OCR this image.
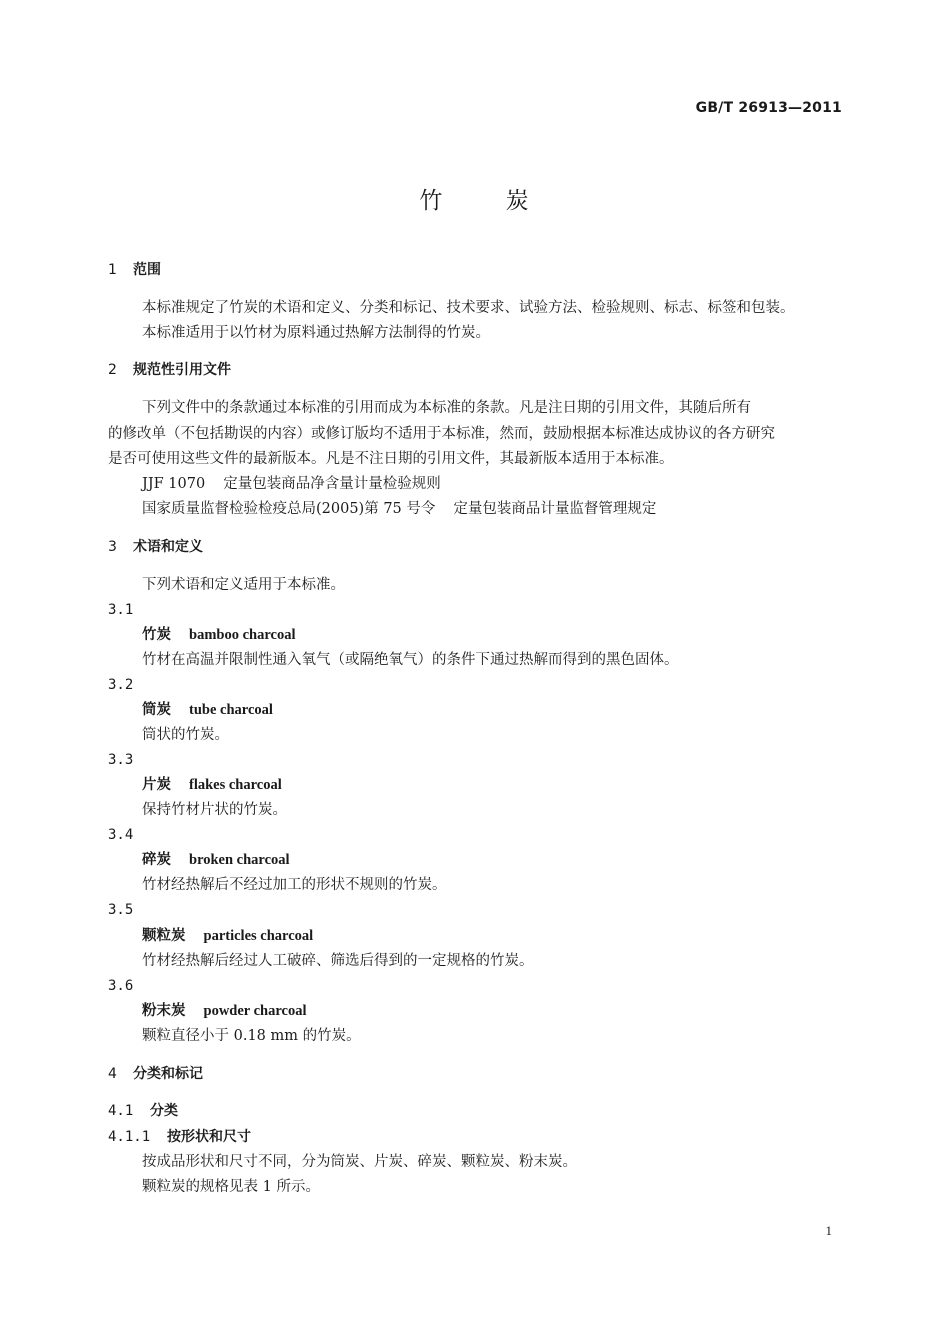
GB/T 26913—2011
竹	炭
1 范围
本标准规定了竹炭的术语和定义、分类和标记、技术要求、试验方法、检验规则、标志、标签和包装。
本标准适用于以竹材为原料通过热解方法制得的竹炭。
2 规范性引用文件
下列文件中的条款通过本标准的引用而成为本标准的条款。凡是注日期的引用文件，其随后所有
的修改单（不包括勘误的内容）或修订版均不适用于本标准，然而，鼓励根据本标准达成协议的各方研究
是否可使用这些文件的最新版本。凡是不注日期的引用文件，其最新版本适用于本标准。
JJF 1070 定量包装商品净含量计量检验规则
国家质量监督检验检疫总局(2005)第 75 号令 定量包装商品计量监督管理规定
3 术语和定义
下列术语和定义适用于本标准。
3.1
竹炭 bamboo charcoal
竹材在高温并限制性通入氧气（或隔绝氧气）的条件下通过热解而得到的黑色固体。
3.2
筒炭 tube charcoal
筒状的竹炭。
3.3
片炭 flakes charcoal
保持竹材片状的竹炭。
3.4
碎炭 broken charcoal
竹材经热解后不经过加工的形状不规则的竹炭。
3.5
颗粒炭 particles charcoal
竹材经热解后经过人工破碎、筛选后得到的一定规格的竹炭。
3.6
粉末炭 powder charcoal
颗粒直径小于 0.18 mm 的竹炭。
4 分类和标记
4.1 分类
4.1.1 按形状和尺寸
按成品形状和尺寸不同，分为筒炭、片炭、碎炭、颗粒炭、粉末炭。
颗粒炭的规格见表 1 所示。
1
